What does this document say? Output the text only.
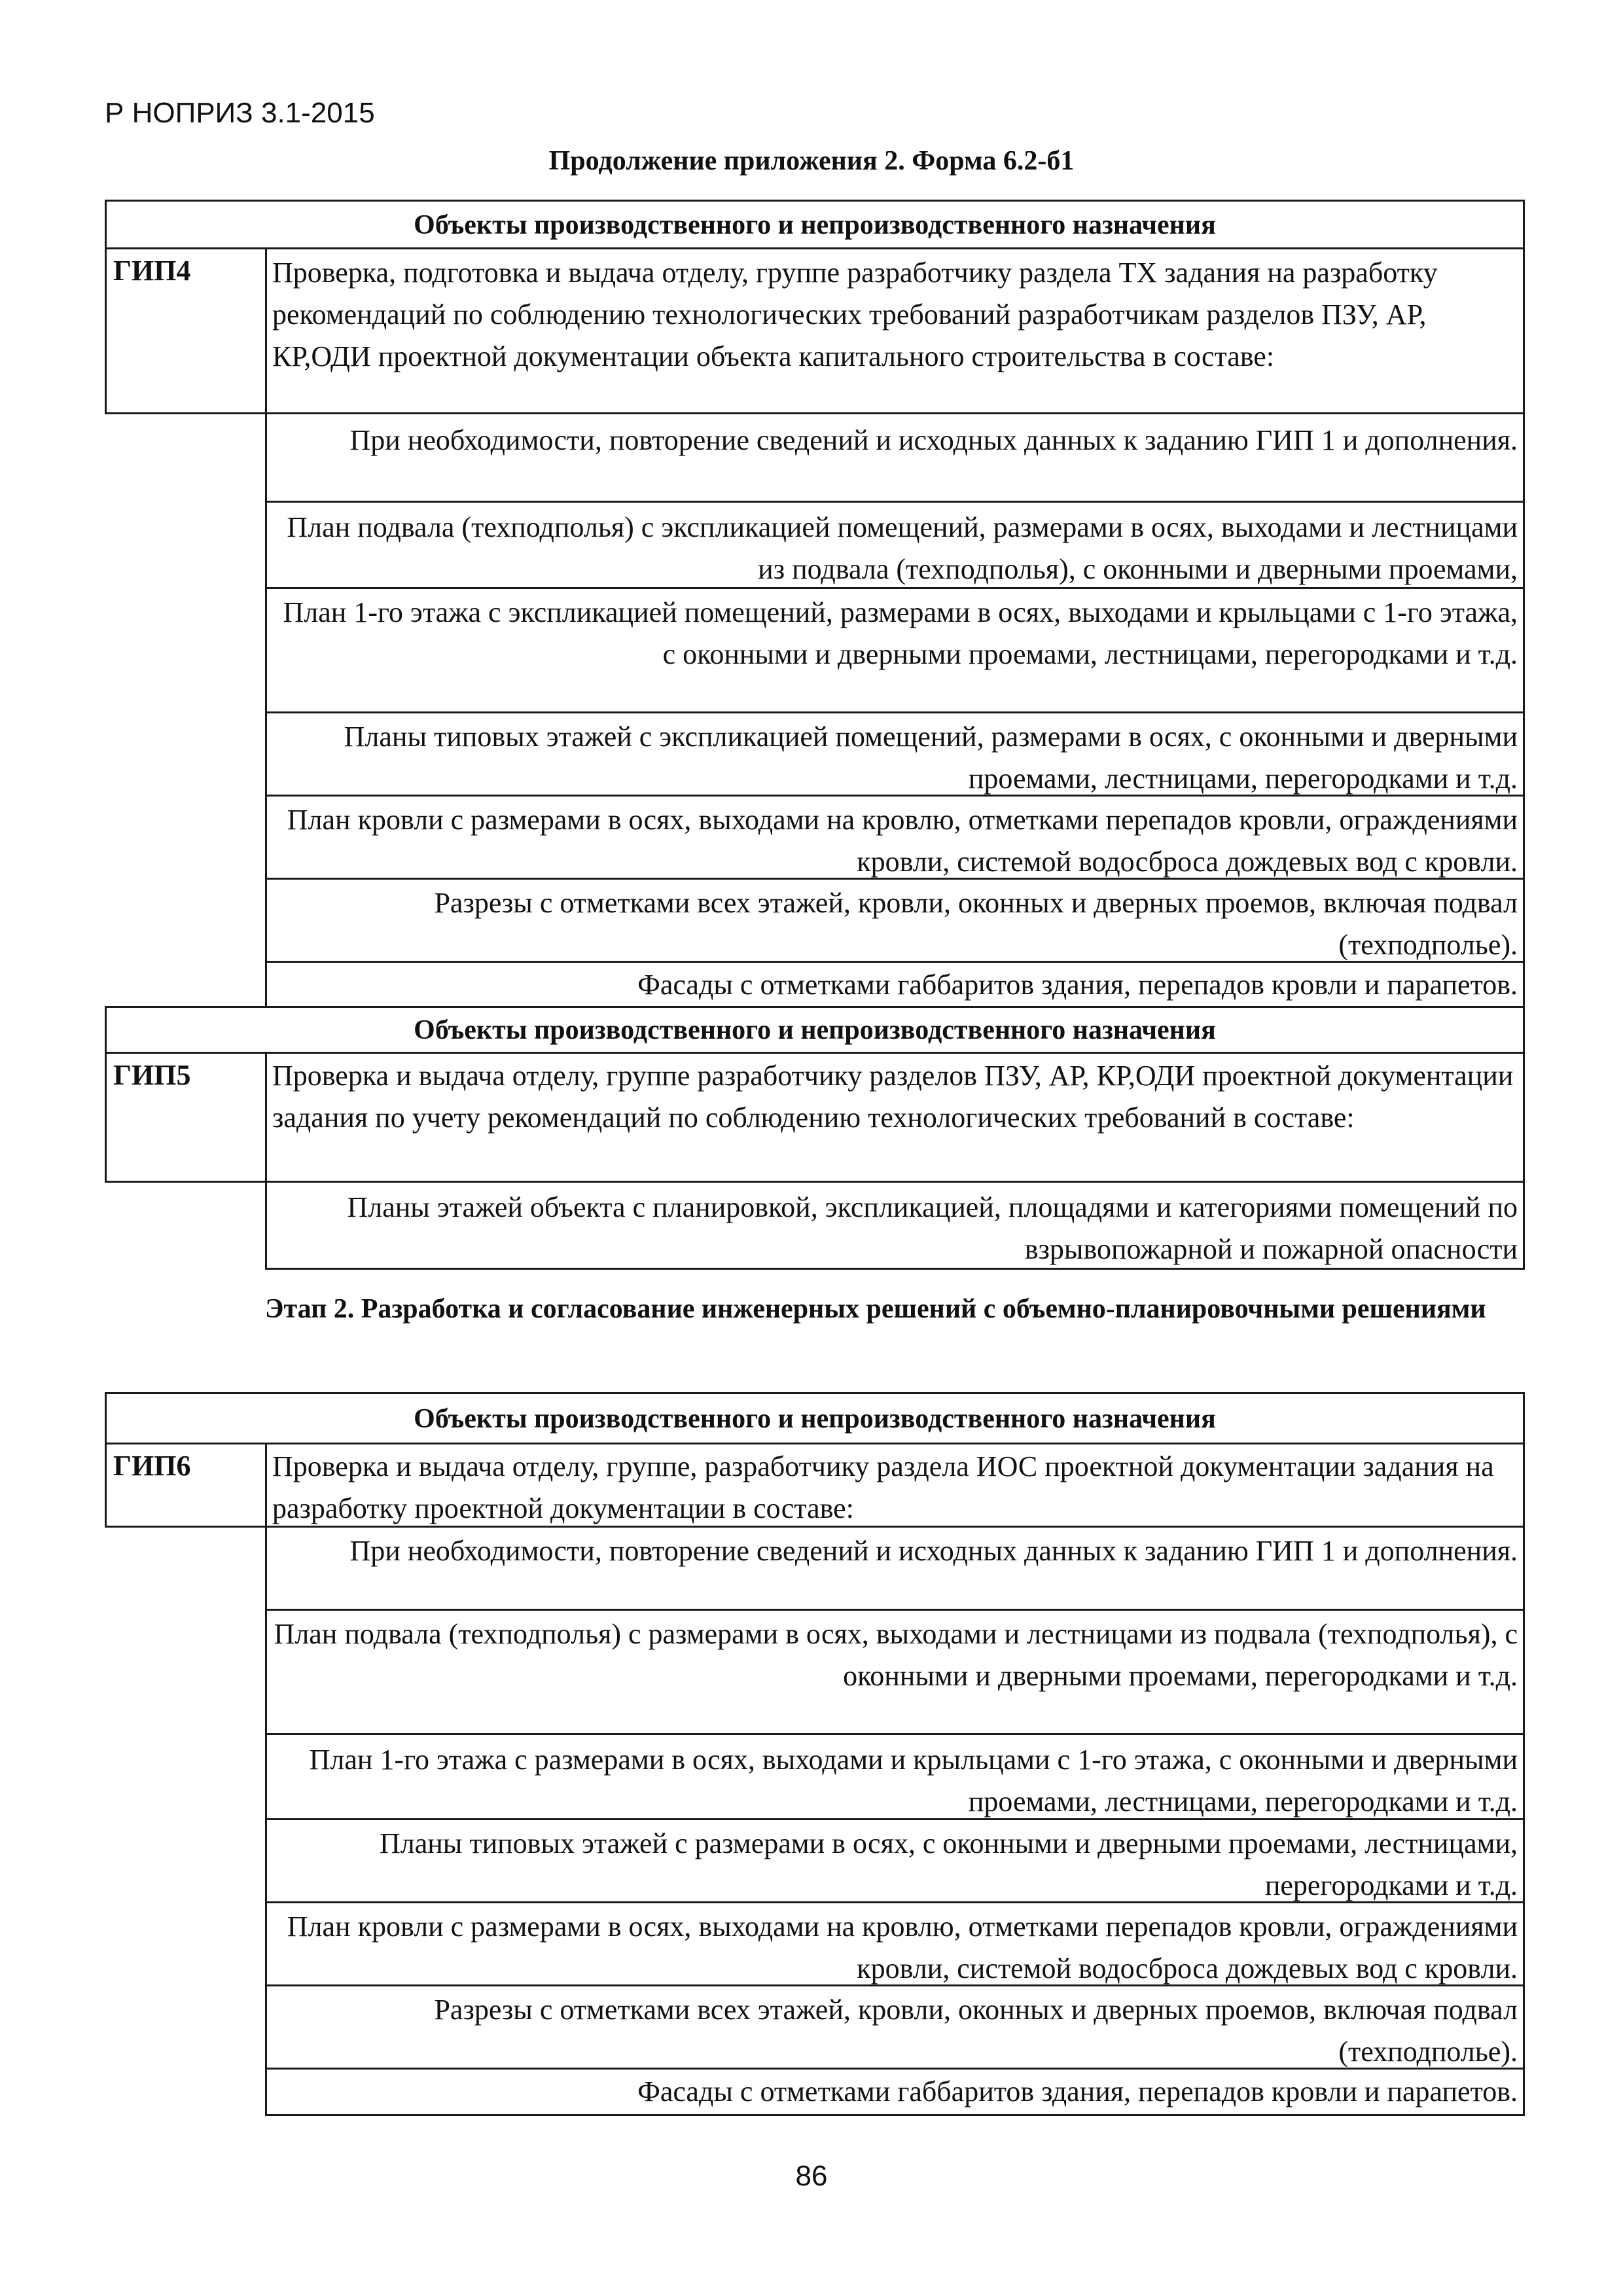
Р НОПРИЗ 3.1-2015
Продолжение приложения 2. Форма 6.2-б1
Объекты производственного и непроизводственного назначения
ГИП4	Проверка, подготовка и выдача отделу, группе разработчику раздела ТХ задания на разработку рекомендаций по соблюдению технологических требований разработчикам разделов ПЗУ, АР, КР,ОДИ проектной документации объекта капитального строительства в составе:
При необходимости, повторение сведений и исходных данных к заданию ГИП 1 и дополнения.
План подвала (техподполья) с экспликацией помещений, размерами в осях, выходами и лестницами из подвала (техподполья), с оконными и дверными проемами,
План 1-го этажа с экспликацией помещений, размерами в осях, выходами и крыльцами с 1-го этажа, с оконными и дверными проемами, лестницами, перегородками и т.д.
Планы типовых этажей с экспликацией помещений, размерами в осях, с оконными и дверными проемами, лестницами, перегородками и т.д.
План кровли с размерами в осях, выходами на кровлю, отметками перепадов кровли, ограждениями кровли, системой водосброса дождевых вод с кровли.
Разрезы с отметками всех этажей, кровли, оконных и дверных проемов, включая подвал (техподполье).
Фасады с отметками габбаритов здания, перепадов кровли и парапетов.
Объекты производственного и непроизводственного назначения
ГИП5	Проверка и выдача отделу, группе разработчику разделов ПЗУ, АР, КР,ОДИ проектной документации задания по учету рекомендаций по соблюдению технологических требований в составе:
Планы этажей объекта с планировкой, экспликацией, площадями и категориями помещений по взрывопожарной и пожарной опасности
Этап 2. Разработка и согласование инженерных решений с объемно-планировочными решениями
Объекты производственного и непроизводственного назначения
ГИП6	Проверка и выдача отделу, группе, разработчику раздела ИОС проектной документации задания на разработку проектной документации в составе:
При необходимости, повторение сведений и исходных данных к заданию ГИП 1 и дополнения.
План подвала (техподполья) с размерами в осях, выходами и лестницами из подвала (техподполья), с оконными и дверными проемами, перегородками и т.д.
План 1-го этажа с размерами в осях, выходами и крыльцами с 1-го этажа, с оконными и дверными проемами, лестницами, перегородками и т.д.
Планы типовых этажей с размерами в осях, с оконными и дверными проемами, лестницами, перегородками и т.д.
План кровли с размерами в осях, выходами на кровлю, отметками перепадов кровли, ограждениями кровли, системой водосброса дождевых вод с кровли.
Разрезы с отметками всех этажей, кровли, оконных и дверных проемов, включая подвал (техподполье).
Фасады с отметками габбаритов здания, перепадов кровли и парапетов.
86
